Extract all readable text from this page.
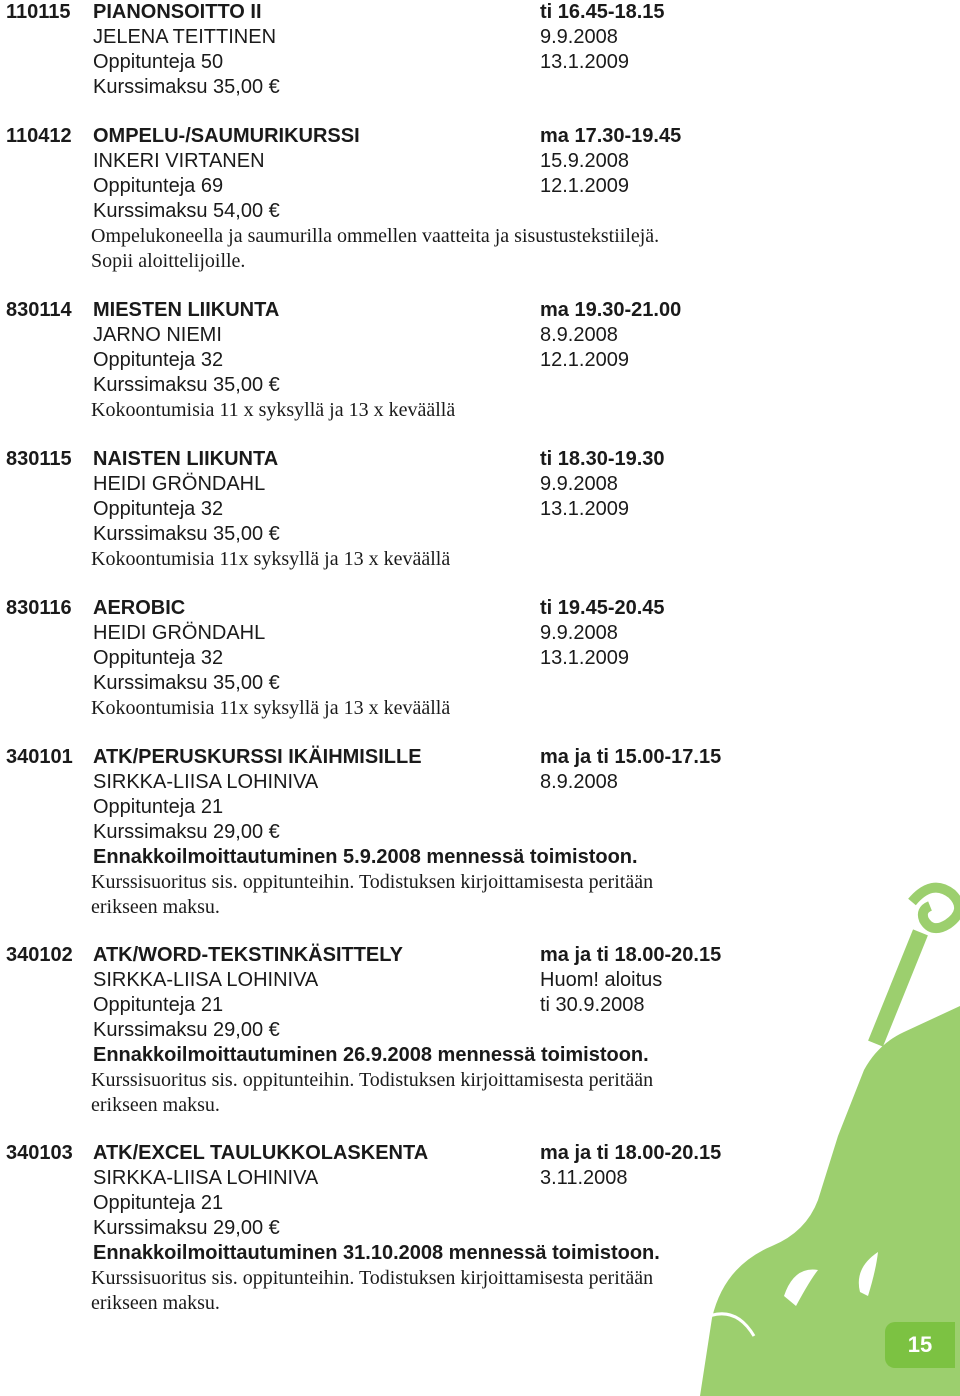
110115 PIANONSOITTO II	ti 16.45-18.15
JELENA TEITTINEN	9.9.2008
Oppitunteja 50	13.1.2009
Kurssimaksu 35,00 €
110412 OMPELU-/SAUMURIKURSSI	ma 17.30-19.45
INKERI VIRTANEN	15.9.2008
Oppitunteja 69	12.1.2009
Kurssimaksu 54,00 €
Ompelukoneella ja saumurilla ommellen vaatteita ja sisustustekstiilejä.
Sopii aloittelijoille.
830114 MIESTEN LIIKUNTA	ma 19.30-21.00
JARNO NIEMI	8.9.2008
Oppitunteja 32	12.1.2009
Kurssimaksu 35,00 €
Kokoontumisia 11 x syksyllä ja 13 x keväällä
830115 NAISTEN LIIKUNTA	ti 18.30-19.30
HEIDI GRÖNDAHL	9.9.2008
Oppitunteja 32	13.1.2009
Kurssimaksu 35,00 €
Kokoontumisia 11x syksyllä ja 13 x keväällä
830116 AEROBIC	ti 19.45-20.45
HEIDI GRÖNDAHL	9.9.2008
Oppitunteja 32	13.1.2009
Kurssimaksu 35,00 €
Kokoontumisia 11x syksyllä ja 13 x keväällä
340101 ATK/PERUSKURSSI IKÄIHMISILLE	ma ja ti 15.00-17.15
SIRKKA-LIISA LOHINIVA	8.9.2008
Oppitunteja 21
Kurssimaksu 29,00 €
Ennakkoilmoittautuminen 5.9.2008 mennessä toimistoon.
Kurssisuoritus sis. oppitunteihin. Todistuksen kirjoittamisesta peritään
erikseen maksu.
340102 ATK/WORD-TEKSTINKÄSITTELY	ma ja ti 18.00-20.15
SIRKKA-LIISA LOHINIVA	Huom! aloitus
Oppitunteja 21	ti 30.9.2008
Kurssimaksu 29,00 €
Ennakkoilmoittautuminen 26.9.2008 mennessä toimistoon.
Kurssisuoritus sis. oppitunteihin. Todistuksen kirjoittamisesta peritään
erikseen maksu.
340103 ATK/EXCEL TAULUKKOLASKENTA	ma ja ti 18.00-20.15
SIRKKA-LIISA LOHINIVA	3.11.2008
Oppitunteja 21
Kurssimaksu 29,00 €
Ennakkoilmoittautuminen 31.10.2008 mennessä toimistoon.
Kurssisuoritus sis. oppitunteihin. Todistuksen kirjoittamisesta peritään
erikseen maksu.
15
